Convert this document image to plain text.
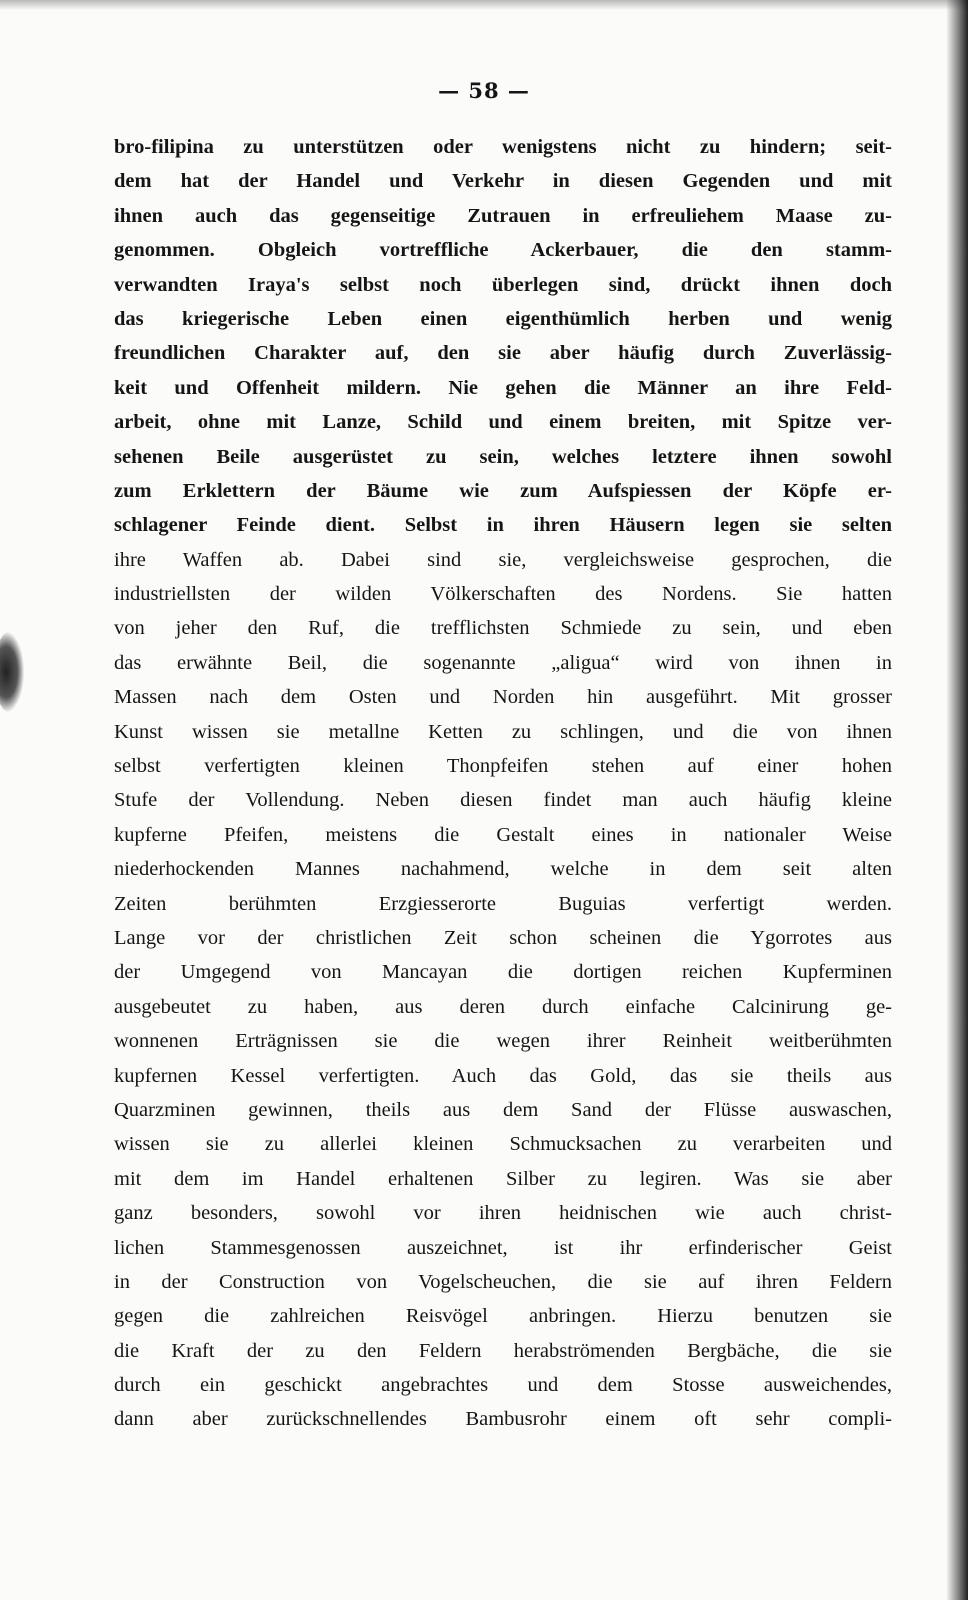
— 58 —
bro-filipina zu unterstützen oder wenigstens nicht zu hindern; seit-
dem hat der Handel und Verkehr in diesen Gegenden und mit
ihnen auch das gegenseitige Zutrauen in erfreuliehem Maase zu-
genommen. Obgleich vortreffliche Ackerbauer, die den stamm-
verwandten Iraya's selbst noch überlegen sind, drückt ihnen doch
das kriegerische Leben einen eigenthümlich herben und wenig
freundlichen Charakter auf, den sie aber häufig durch Zuverlässig-
keit und Offenheit mildern. Nie gehen die Männer an ihre Feld-
arbeit, ohne mit Lanze, Schild und einem breiten, mit Spitze ver-
sehenen Beile ausgerüstet zu sein, welches letztere ihnen sowohl
zum Erklettern der Bäume wie zum Aufspiessen der Köpfe er-
schlagener Feinde dient. Selbst in ihren Häusern legen sie selten
ihre Waffen ab. Dabei sind sie, vergleichsweise gesprochen, die
industriellsten der wilden Völkerschaften des Nordens. Sie hatten
von jeher den Ruf, die trefflichsten Schmiede zu sein, und eben
das erwähnte Beil, die sogenannte „aligua“ wird von ihnen in
Massen nach dem Osten und Norden hin ausgeführt. Mit grosser
Kunst wissen sie metallne Ketten zu schlingen, und die von ihnen
selbst verfertigten kleinen Thonpfeifen stehen auf einer hohen
Stufe der Vollendung. Neben diesen findet man auch häufig kleine
kupferne Pfeifen, meistens die Gestalt eines in nationaler Weise
niederhockenden Mannes nachahmend, welche in dem seit alten
Zeiten berühmten Erzgiesserorte Buguias verfertigt werden.
Lange vor der christlichen Zeit schon scheinen die Ygorrotes aus
der Umgegend von Mancayan die dortigen reichen Kupferminen
ausgebeutet zu haben, aus deren durch einfache Calcinirung ge-
wonnenen Erträgnissen sie die wegen ihrer Reinheit weitberühmten
kupfernen Kessel verfertigten. Auch das Gold, das sie theils aus
Quarzminen gewinnen, theils aus dem Sand der Flüsse auswaschen,
wissen sie zu allerlei kleinen Schmucksachen zu verarbeiten und
mit dem im Handel erhaltenen Silber zu legiren. Was sie aber
ganz besonders, sowohl vor ihren heidnischen wie auch christ-
lichen Stammesgenossen auszeichnet, ist ihr erfinderischer Geist
in der Construction von Vogelscheuchen, die sie auf ihren Feldern
gegen die zahlreichen Reisvögel anbringen. Hierzu benutzen sie
die Kraft der zu den Feldern herabströmenden Bergbäche, die sie
durch ein geschickt angebrachtes und dem Stosse ausweichendes,
dann aber zurückschnellendes Bambusrohr einem oft sehr compli-
